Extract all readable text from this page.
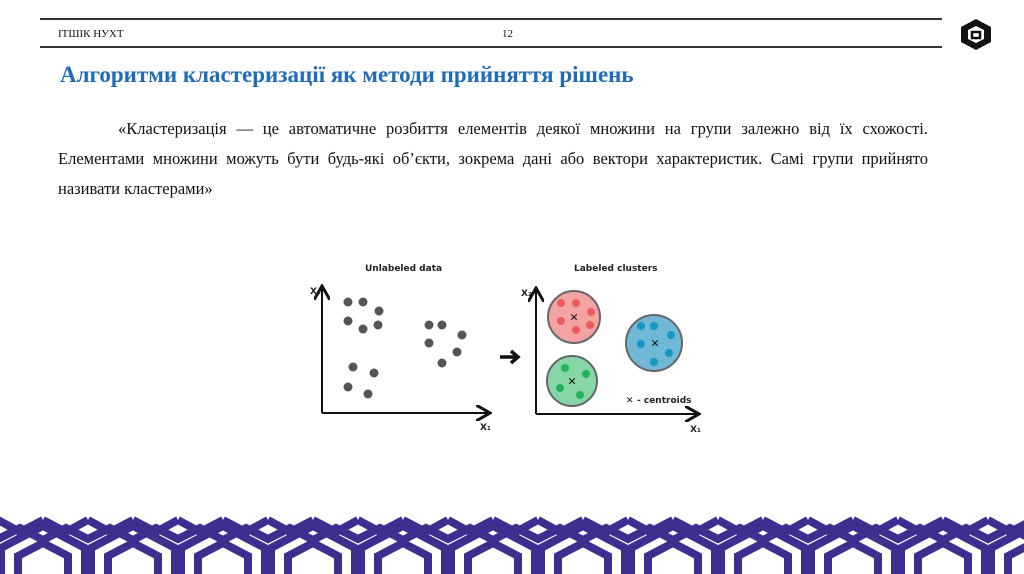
ІТШІК НУХТ	12
Алгоритми кластеризації як методи прийняття рішень
«Кластеризація — це автоматичне розбиття елементів деякої множини на групи залежно від їх схожості. Елементами множини можуть бути будь-які об’єкти, зокрема дані або вектори характеристик. Самі групи прийнято називати кластерами»
Unlabeled data	Labeled clusters
X₂
X₁
X₂
X₁
×
×
×
× - centroids
